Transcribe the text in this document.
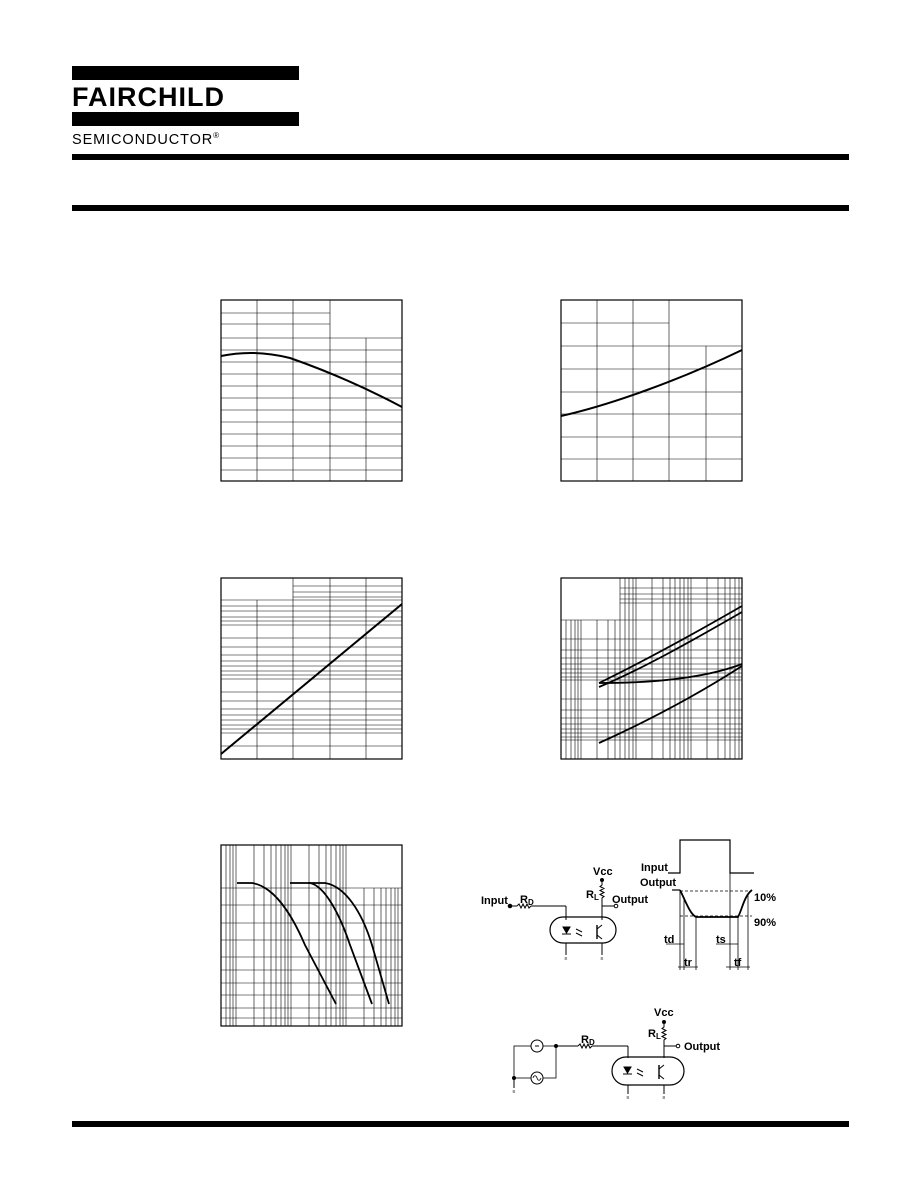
FAIRCHILD
SEMICONDUCTOR®
≡	≡
Vcc
Input RD
RL Output
Input
Output
10%
90%
td	ts
tr	tf
≡
≡	≡
Vcc
RD
RL
Output
